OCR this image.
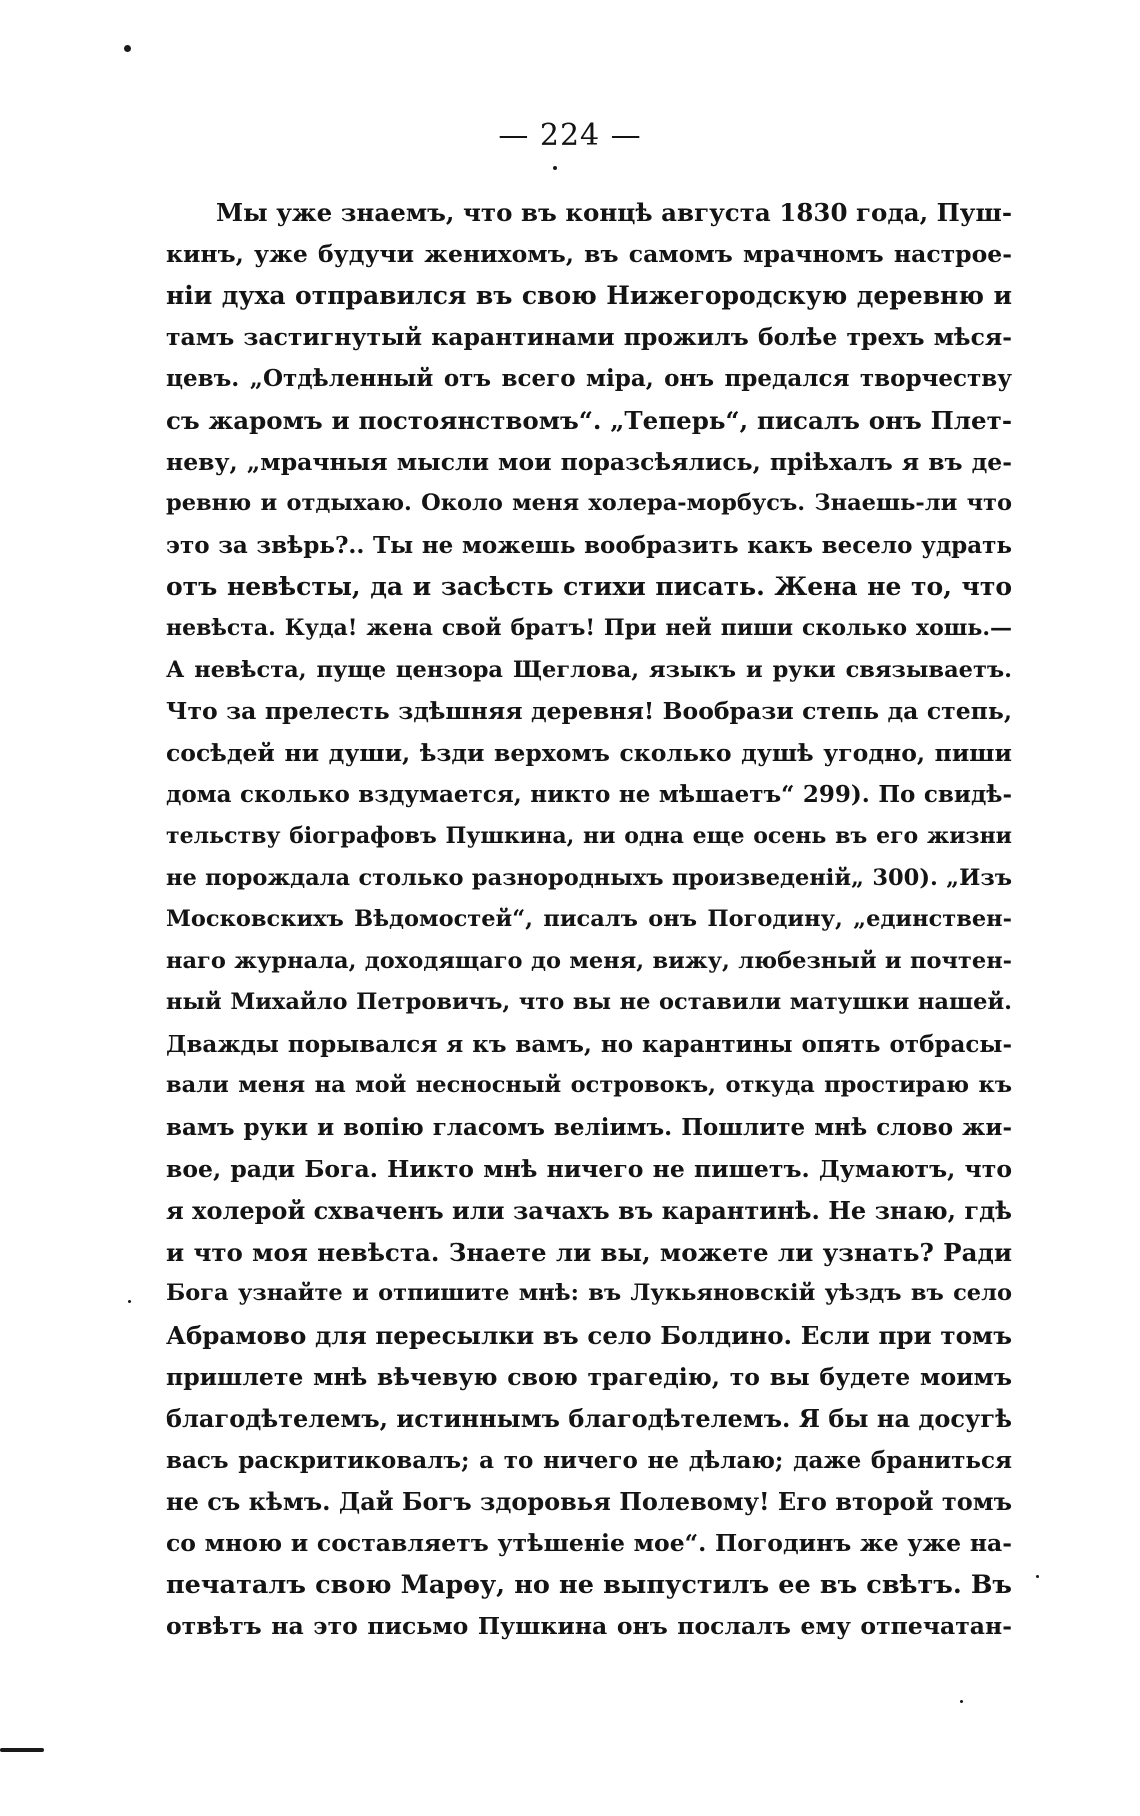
— 224 —
Мы уже знаемъ, что въ концѣ августа 1830 года, Пуш-
кинъ, уже будучи женихомъ, въ самомъ мрачномъ настрое-
ніи духа отправился въ свою Нижегородскую деревню и
тамъ застигнутый карантинами прожилъ болѣе трехъ мѣся-
цевъ. „Отдѣленный отъ всего міра, онъ предался творчеству
съ жаромъ и постоянствомъ“. „Теперь“, писалъ онъ Плет-
неву, „мрачныя мысли мои поразсѣялись, пріѣхалъ я въ де-
ревню и отдыхаю. Около меня холера-морбусъ. Знаешь-ли что
это за звѣрь?.. Ты не можешь вообразить какъ весело удрать
отъ невѣсты, да и засѣсть стихи писать. Жена не то, что
невѣста. Куда! жена свой братъ! При ней пиши сколько хошь.—
А невѣста, пуще цензора Щеглова, языкъ и руки связываетъ.
Что за прелесть здѣшняя деревня! Вообрази степь да степь,
сосѣдей ни души, ѣзди верхомъ сколько душѣ угодно, пиши
дома сколько вздумается, никто не мѣшаетъ“ 299). По свидѣ-
тельству біографовъ Пушкина, ни одна еще осень въ его жизни
не порождала столько разнородныхъ произведеній„ 300). „Изъ
Московскихъ Вѣдомостей“, писалъ онъ Погодину, „единствен-
наго журнала, доходящаго до меня, вижу, любезный и почтен-
ный Михайло Петровичъ, что вы не оставили матушки нашей.
Дважды порывался я къ вамъ, но карантины опять отбрасы-
вали меня на мой несносный островокъ, откуда простираю къ
вамъ руки и вопію гласомъ веліимъ. Пошлите мнѣ слово жи-
вое, ради Бога. Никто мнѣ ничего не пишетъ. Думаютъ, что
я холерой схваченъ или зачахъ въ карантинѣ. Не знаю, гдѣ
и что моя невѣста. Знаете ли вы, можете ли узнать? Ради
Бога узнайте и отпишите мнѣ: въ Лукьяновскій уѣздъ въ село
Абрамово для пересылки въ село Болдино. Если при томъ
пришлете мнѣ вѣчевую свою трагедію, то вы будете моимъ
благодѣтелемъ, истиннымъ благодѣтелемъ. Я бы на досугѣ
васъ раскритиковалъ; а то ничего не дѣлаю; даже браниться
не съ кѣмъ. Дай Богъ здоровья Полевому! Его второй томъ
со мною и составляетъ утѣшеніе мое“. Погодинъ же уже на-
печаталъ свою Марѳу, но не выпустилъ ее въ свѣтъ. Въ
отвѣтъ на это письмо Пушкина онъ послалъ ему отпечатан-
